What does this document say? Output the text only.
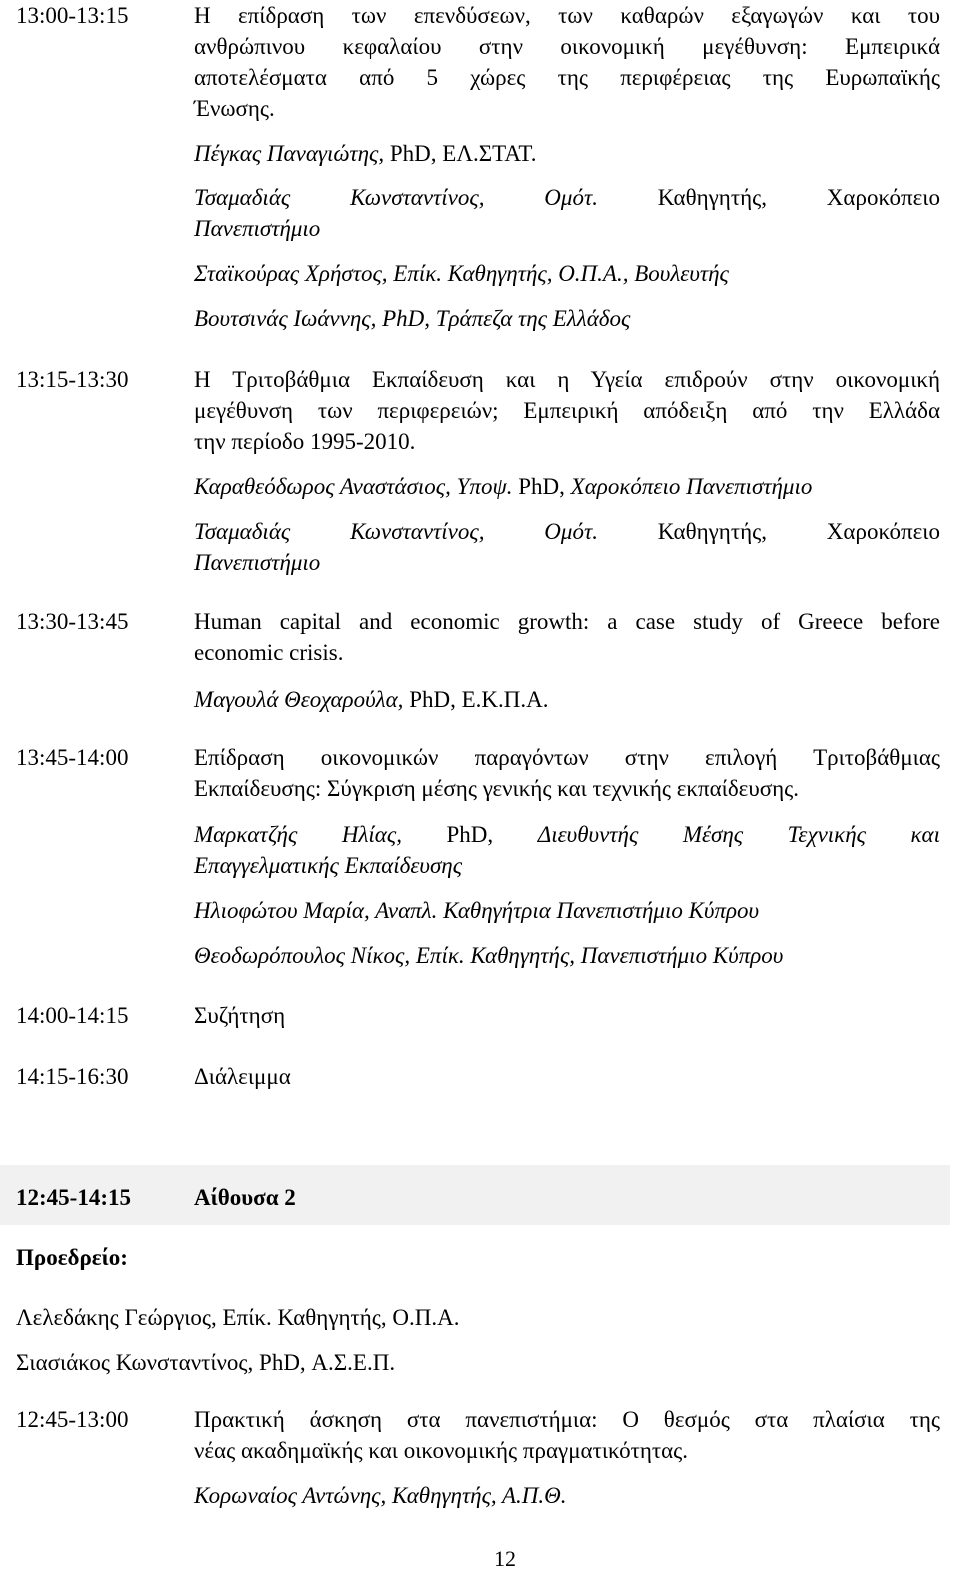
13:00-13:15	Η επίδραση των επενδύσεων, των καθαρών εξαγωγών και του
ανθρώπινου κεφαλαίου στην οικονομική μεγέθυνση: Εμπειρικά
αποτελέσματα από 5 χώρες της περιφέρειας της Ευρωπαϊκής
Ένωσης.
Πέγκας Παναγιώτης, PhD, ΕΛ.ΣΤΑΤ.
Τσαμαδιάς Κωνσταντίνος, Ομότ. Καθηγητής, Χαροκόπειο
Πανεπιστήμιο
Σταϊκούρας Χρήστος, Επίκ. Καθηγητής, Ο.Π.Α., Βουλευτής
Βουτσινάς Ιωάννης, PhD, Τράπεζα της Ελλάδος
13:15-13:30	Η Τριτοβάθμια Εκπαίδευση και η Υγεία επιδρούν στην οικονομική
μεγέθυνση των περιφερειών; Εμπειρική απόδειξη από την Ελλάδα
την περίοδο 1995-2010.
Καραθεόδωρος Αναστάσιος, Υποψ. PhD, Χαροκόπειο Πανεπιστήμιο
Τσαμαδιάς Κωνσταντίνος, Ομότ. Καθηγητής, Χαροκόπειο
Πανεπιστήμιο
13:30-13:45	Human capital and economic growth: a case study of Greece before
economic crisis.
Μαγουλά Θεοχαρούλα, PhD, Ε.Κ.Π.Α.
13:45-14:00	Επίδραση οικονομικών παραγόντων στην επιλογή Τριτοβάθμιας
Εκπαίδευσης: Σύγκριση μέσης γενικής και τεχνικής εκπαίδευσης.
Μαρκατζής Ηλίας, PhD, Διευθυντής Μέσης Τεχνικής και
Επαγγελματικής Εκπαίδευσης
Ηλιοφώτου Μαρία, Αναπλ. Καθηγήτρια Πανεπιστήμιο Κύπρου
Θεοδωρόπουλος Νίκος, Επίκ. Καθηγητής, Πανεπιστήμιο Κύπρου
14:00-14:15	Συζήτηση
14:15-16:30	Διάλειμμα
12:45-14:15	Αίθουσα 2
Προεδρείο:
Λελεδάκης Γεώργιος, Επίκ. Καθηγητής, Ο.Π.Α.
Σιασιάκος Κωνσταντίνος, PhD, Α.Σ.Ε.Π.
12:45-13:00	Πρακτική άσκηση στα πανεπιστήμια: Ο θεσμός στα πλαίσια της
νέας ακαδημαϊκής και οικονομικής πραγματικότητας.
Κορωναίος Αντώνης, Καθηγητής, Α.Π.Θ.
12
